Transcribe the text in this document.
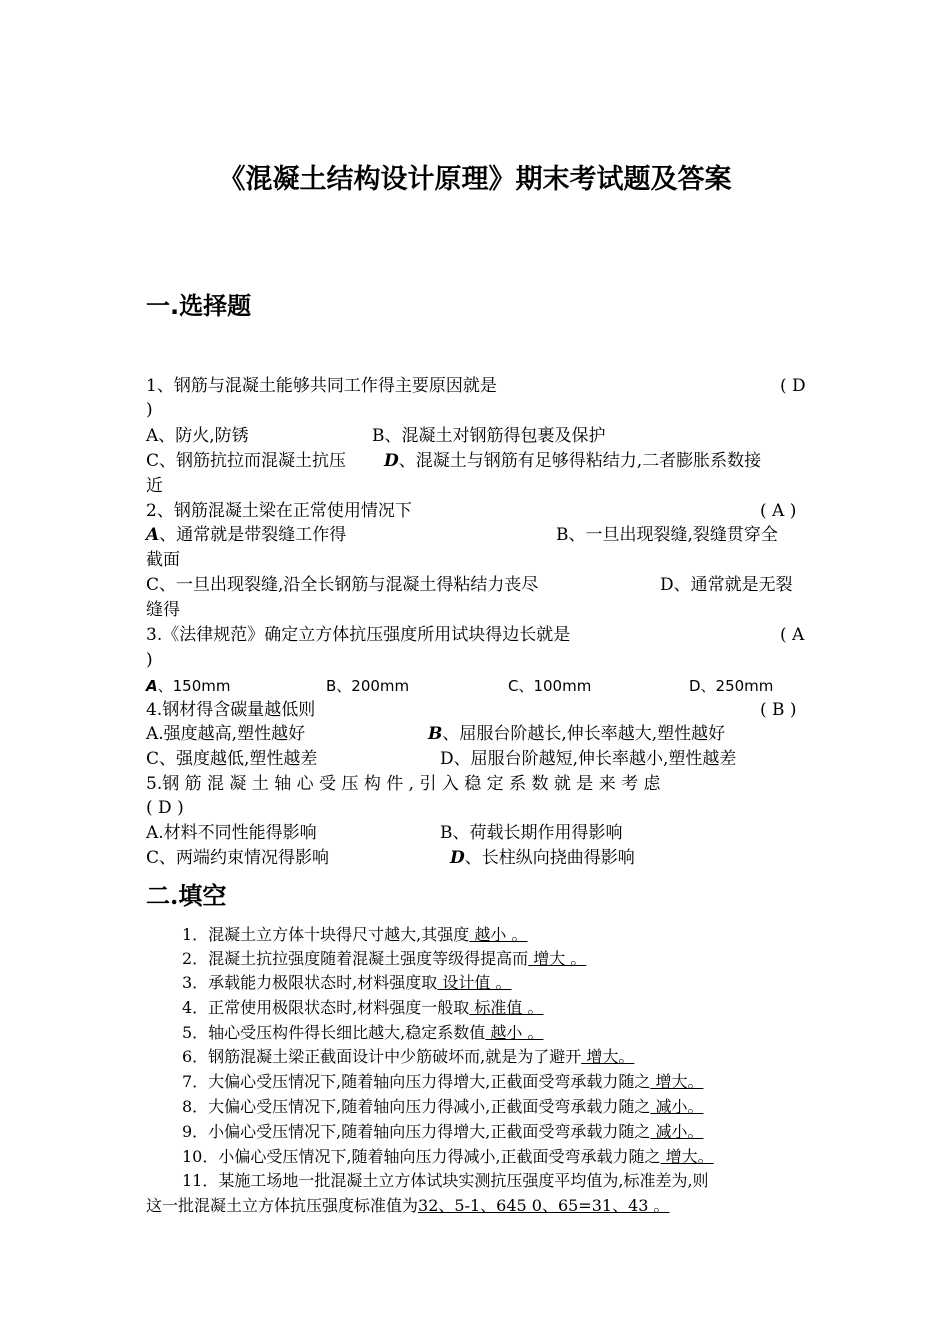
《混凝土结构设计原理》期末考试题及答案
一.选择题
1、钢筋与混凝土能够共同工作得主要原因就是	( D
)
A、防火,防锈	B、混凝土对钢筋得包裹及保护
C、钢筋抗拉而混凝土抗压 D、混凝土与钢筋有足够得粘结力,二者膨胀系数接
近
2、钢筋混凝土梁在正常使用情况下	( A )
A、通常就是带裂缝工作得	B、一旦出现裂缝,裂缝贯穿全
截面
C、一旦出现裂缝,沿全长钢筋与混凝土得粘结力丧尽	D、通常就是无裂
缝得
3.《法律规范》确定立方体抗压强度所用试块得边长就是	( A
)
A、150mm	B、200mm	C、100mm	D、250mm
4.钢材得含碳量越低则	( B )
A.强度越高,塑性越好	B、屈服台阶越长,伸长率越大,塑性越好
C、强度越低,塑性越差	D、屈服台阶越短,伸长率越小,塑性越差
5.钢 筋 混 凝 土 轴 心 受 压 构 件 , 引 入 稳 定 系 数 就 是 来 考 虑
( D )
A.材料不同性能得影响	B、荷载长期作用得影响
C、两端约束情况得影响	D、长柱纵向挠曲得影响
二.填空
1．混凝土立方体十块得尺寸越大,其强度 越小 。
2．混凝土抗拉强度随着混凝土强度等级得提高而 增大 。
3．承载能力极限状态时,材料强度取 设计值 。
4．正常使用极限状态时,材料强度一般取 标准值 。
5．轴心受压构件得长细比越大,稳定系数值 越小 。
6．钢筋混凝土梁正截面设计中少筋破坏而,就是为了避开 增大。
7．大偏心受压情况下,随着轴向压力得增大,正截面受弯承载力随之 增大。
8．大偏心受压情况下,随着轴向压力得减小,正截面受弯承载力随之 减小。
9．小偏心受压情况下,随着轴向压力得增大,正截面受弯承载力随之 减小。
10．小偏心受压情况下,随着轴向压力得减小,正截面受弯承载力随之 增大。
11．某施工场地一批混凝土立方体试块实测抗压强度平均值为,标准差为,则
这一批混凝土立方体抗压强度标准值为32、5-1、645 0、65=31、43 。
